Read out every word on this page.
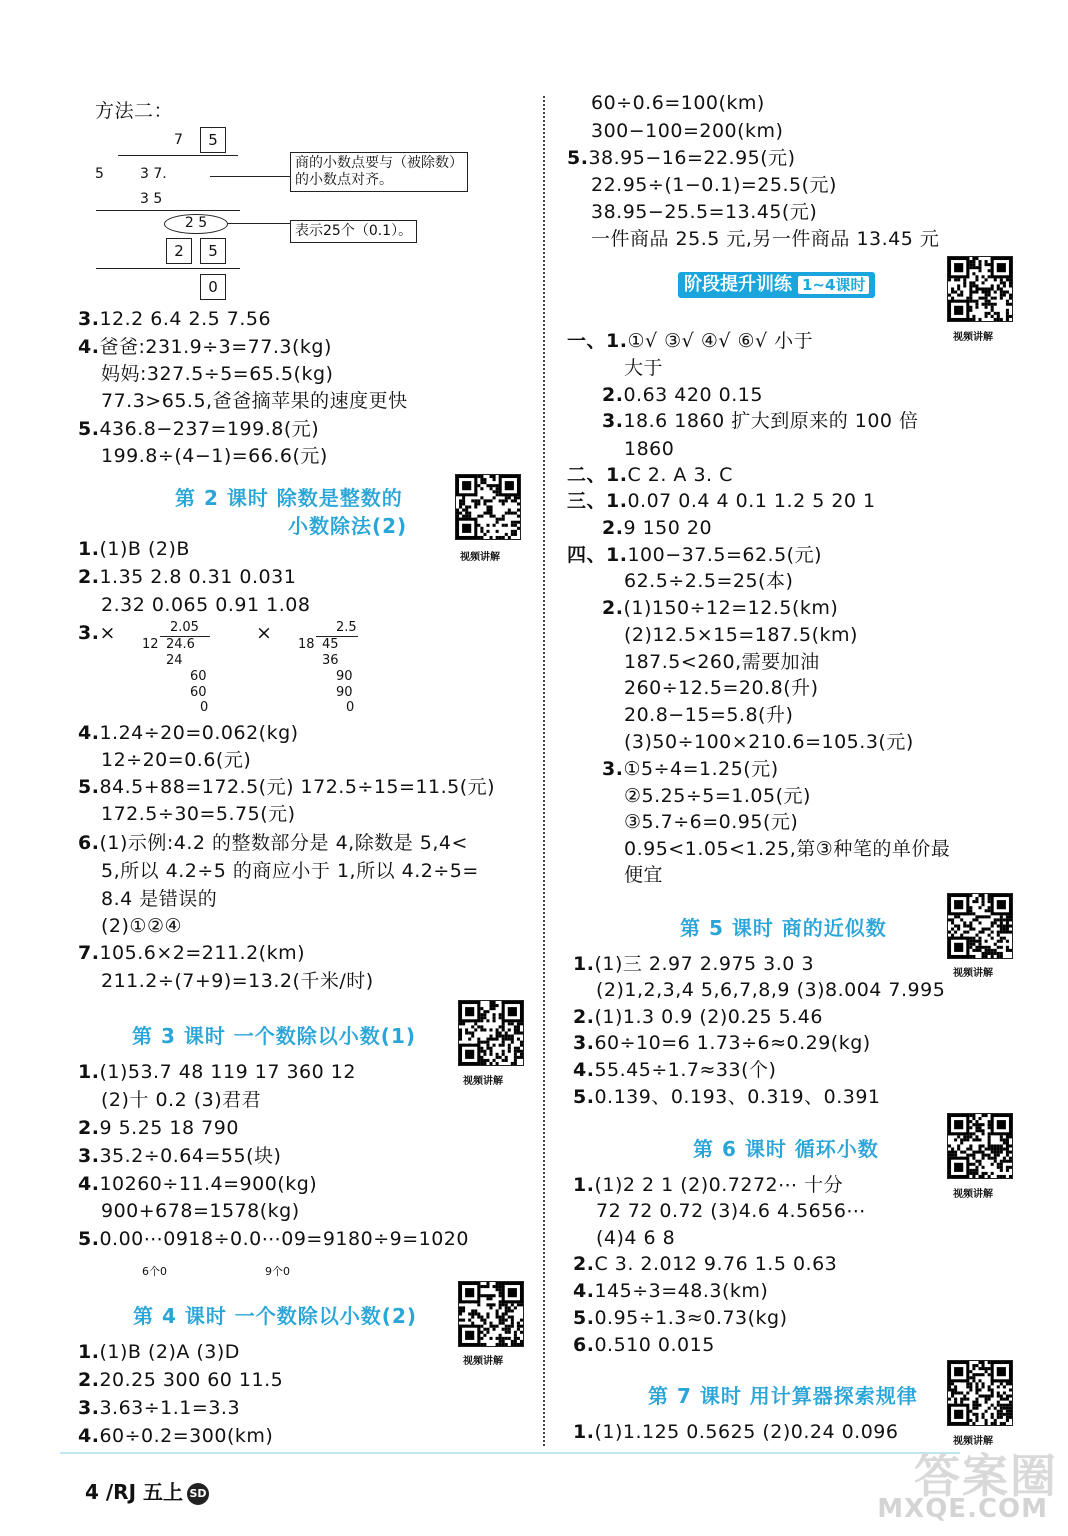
方法二：
7	5
5	3 7.
商的小数点要与（被除数）
的小数点对齐。
3 5
2 5	表示25个（0.1）。
2	5
0
3.12.2 6.4 2.5 7.56
4.爸爸:231.9÷3=77.3(kg)
妈妈:327.5÷5=65.5(kg)
77.3>65.5,爸爸摘苹果的速度更快
5.436.8−237=199.8(元)
199.8÷(4−1)=66.6(元)
第 2 课时 除数是整数的
小数除法(2)
视频讲解
1.(1)B (2)B
2.1.35 2.8 0.31 0.031
2.32 0.065 0.91 1.08
3.×	×
2.05
12 24.6
24
60
60
0
2.5
18 45
36
90
90
0
4.1.24÷20=0.062(kg)
12÷20=0.6(元)
5.84.5+88=172.5(元) 172.5÷15=11.5(元)
172.5÷30=5.75(元)
6.(1)示例:4.2 的整数部分是 4,除数是 5,4<
5,所以 4.2÷5 的商应小于 1,所以 4.2÷5=
8.4 是错误的
(2)①②④
7.105.6×2=211.2(km)
211.2÷(7+9)=13.2(千米/时)
第 3 课时 一个数除以小数(1)
视频讲解
1.(1)53.7 48 119 17 360 12
(2)十 0.2 (3)君君
2.9 5.25 18 790
3.35.2÷0.64=55(块)
4.10260÷11.4=900(kg)
900+678=1578(kg)
5.0.00⋯0918÷0.0⋯09=9180÷9=1020
6个0	9个0
第 4 课时 一个数除以小数(2)
视频讲解
1.(1)B (2)A (3)D
2.20.25 300 60 11.5
3.3.63÷1.1=3.3
4.60÷0.2=300(km)
60÷0.6=100(km)
300−100=200(km)
5.38.95−16=22.95(元)
22.95÷(1−0.1)=25.5(元)
38.95−25.5=13.45(元)
一件商品 25.5 元,另一件商品 13.45 元
阶段提升训练 1~4课时
视频讲解
一、1.①√ ③√ ④√ ⑥√ 小于
大于
2.0.63 420 0.15
3.18.6 1860 扩大到原来的 100 倍
1860
二、1.C 2. A 3. C
三、1.0.07 0.4 4 0.1 1.2 5 20 1
2.9 150 20
四、1.100−37.5=62.5(元)
62.5÷2.5=25(本)
2.(1)150÷12=12.5(km)
(2)12.5×15=187.5(km)
187.5<260,需要加油
260÷12.5=20.8(升)
20.8−15=5.8(升)
(3)50÷100×210.6=105.3(元)
3.①5÷4=1.25(元)
②5.25÷5=1.05(元)
③5.7÷6=0.95(元)
0.95<1.05<1.25,第③种笔的单价最
便宜
第 5 课时 商的近似数
视频讲解
1.(1)三 2.97 2.975 3.0 3
(2)1,2,3,4 5,6,7,8,9 (3)8.004 7.995
2.(1)1.3 0.9 (2)0.25 5.46
3.60÷10=6 1.73÷6≈0.29(kg)
4.55.45÷1.7≈33(个)
5.0.139、0.193、0.319、0.391
第 6 课时 循环小数
视频讲解
1.(1)2 2 1 (2)0.7272⋯ 十分
72 72 0.72 (3)4.6 4.5656⋯
(4)4 6 8
2.C 3. 2.012 9.76 1.5 0.63
4.145÷3=48.3(km)
5.0.95÷1.3≈0.73(kg)
6.0.510 0.015
第 7 课时 用计算器探索规律
视频讲解
1.(1)1.125 0.5625 (2)0.24 0.096
4 /RJ 五上 SD	答案圈
MXQE.COM
